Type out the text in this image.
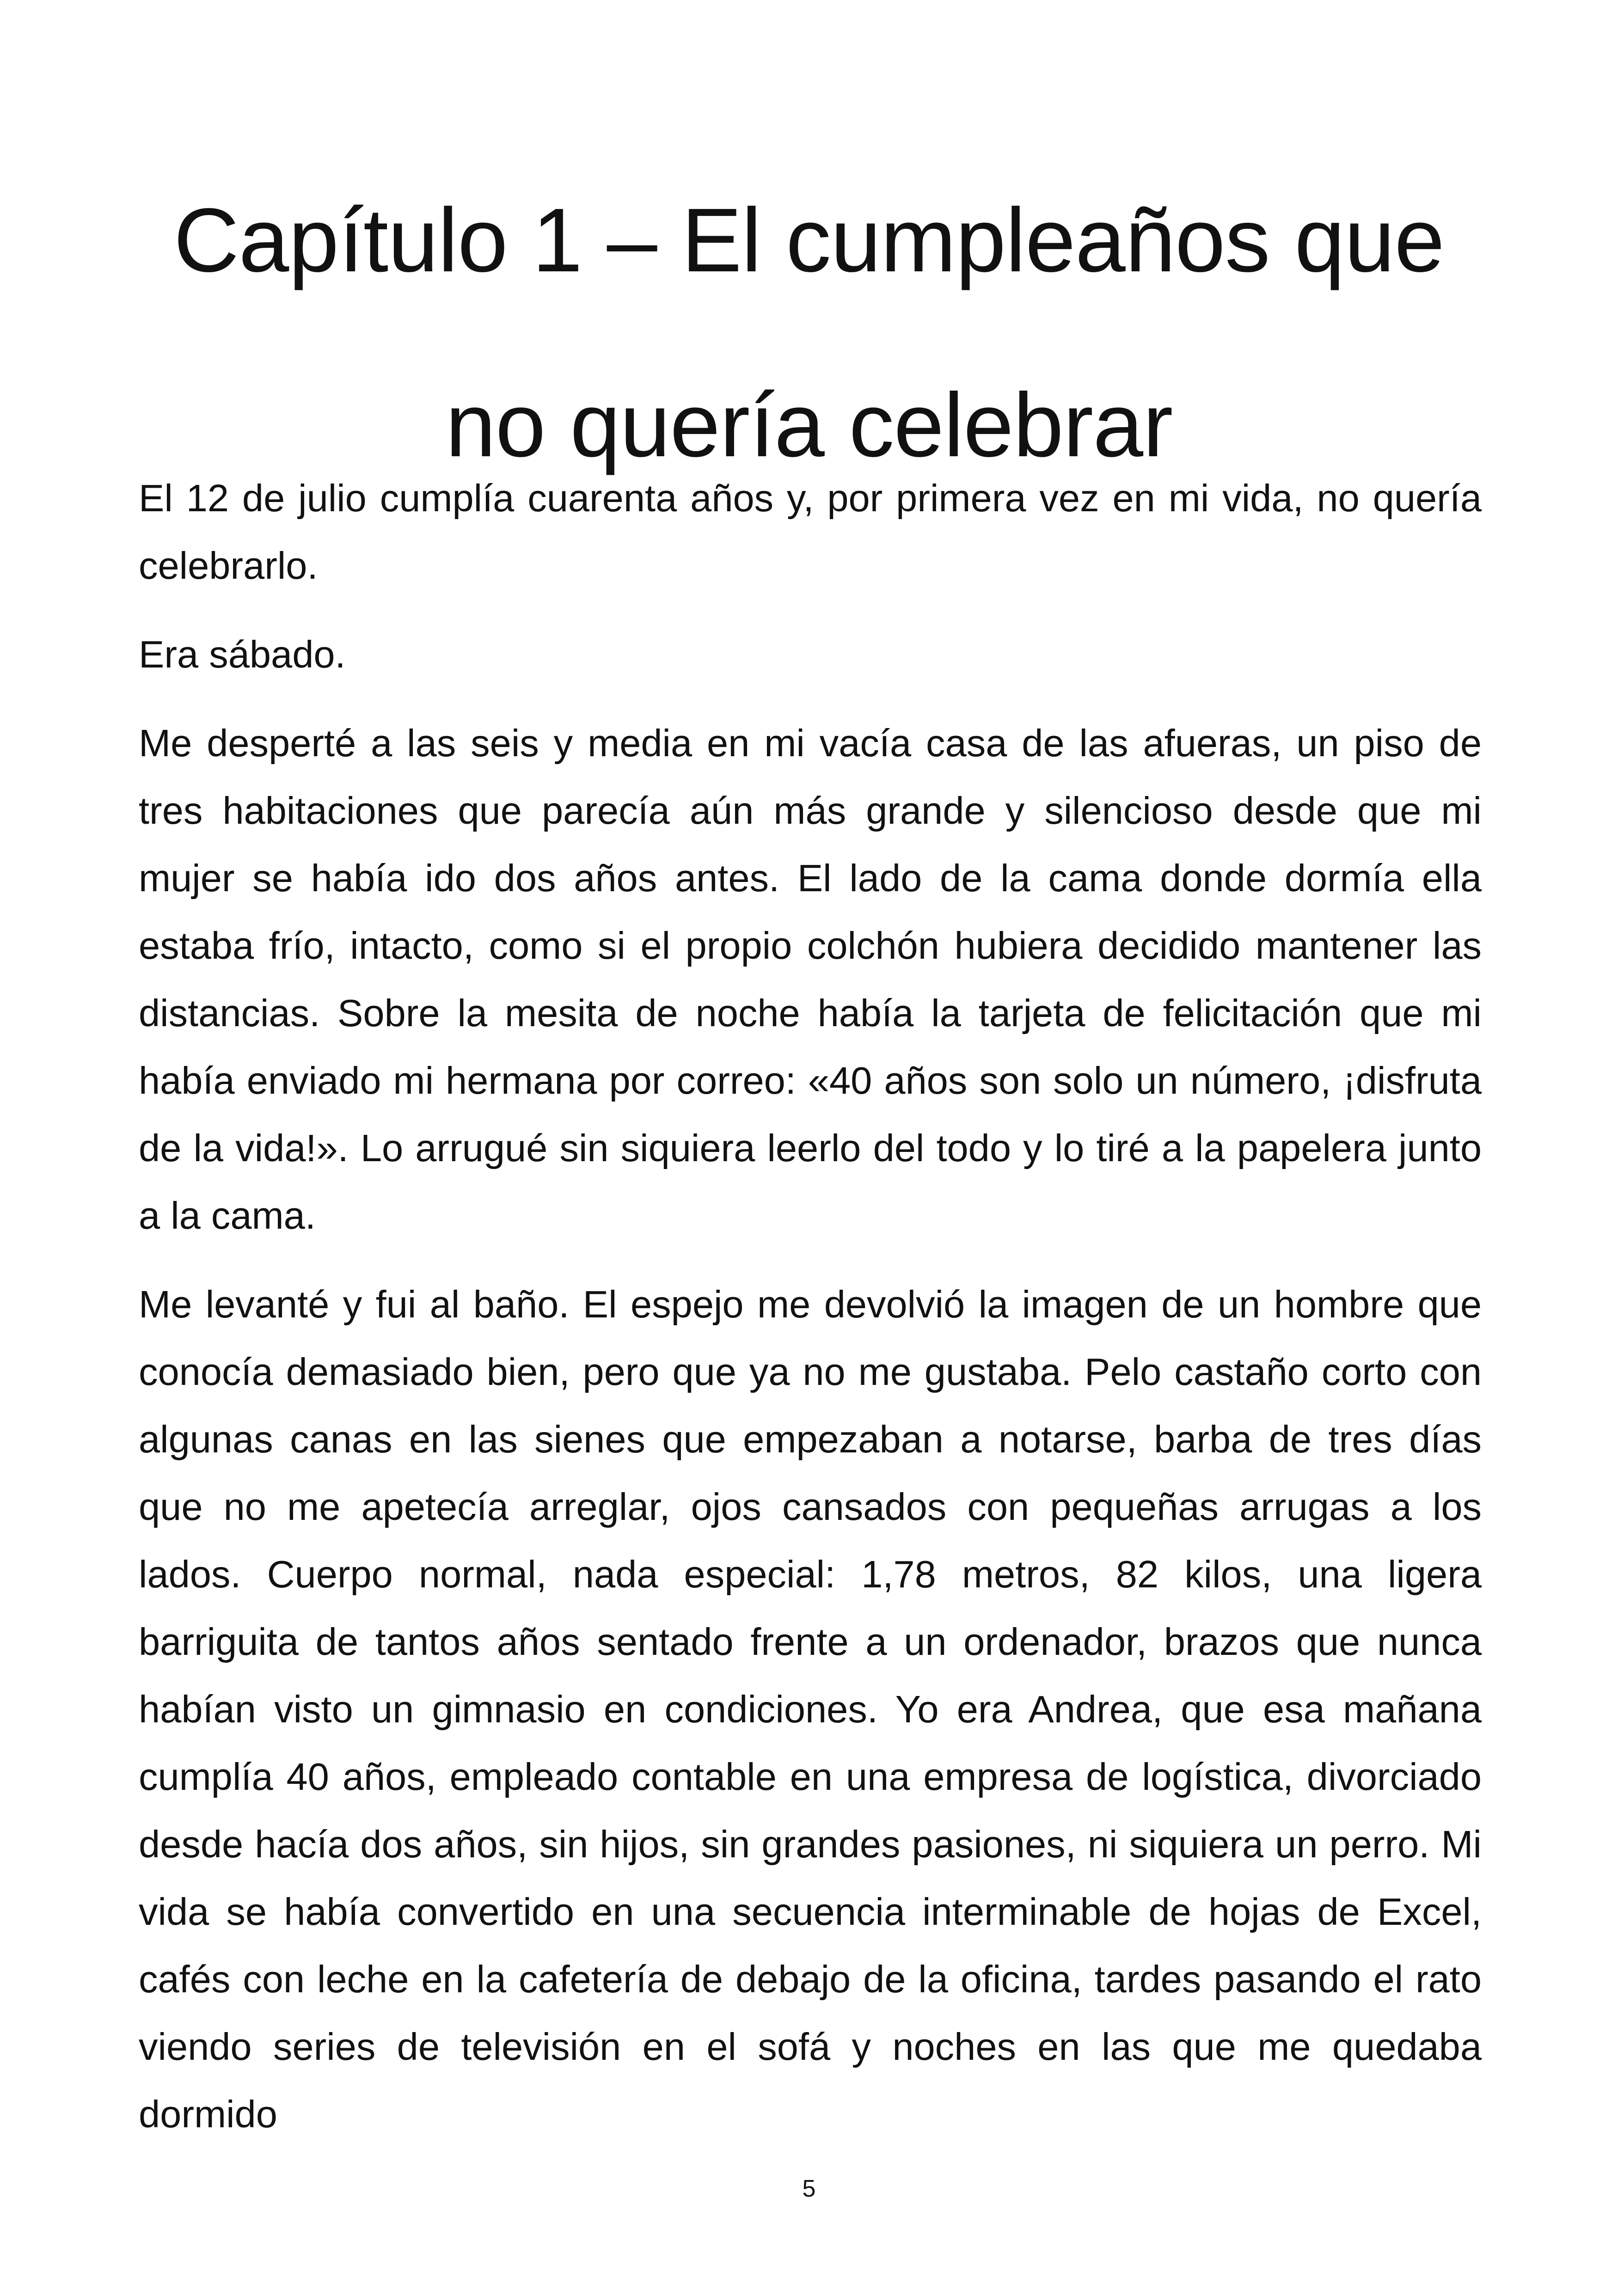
Capítulo 1 – El cumpleaños que
no quería celebrar

El 12 de julio cumplía cuarenta años y, por primera vez en mi vida, no quería celebrarlo.

Era sábado.

Me desperté a las seis y media en mi vacía casa de las afueras, un piso de tres habitaciones que parecía aún más grande y silencioso desde que mi mujer se había ido dos años antes. El lado de la cama donde dormía ella estaba frío, intacto, como si el propio colchón hubiera decidido mantener las distancias. Sobre la mesita de noche había la tarjeta de felicitación que mi había enviado mi hermana por correo: «40 años son solo un número, ¡disfruta de la vida!». Lo arrugué sin siquiera leerlo del todo y lo tiré a la papelera junto a la cama.

Me levanté y fui al baño. El espejo me devolvió la imagen de un hombre que conocía demasiado bien, pero que ya no me gustaba. Pelo castaño corto con algunas canas en las sienes que empezaban a notarse, barba de tres días que no me apetecía arreglar, ojos cansados con pequeñas arrugas a los lados. Cuerpo normal, nada especial: 1,78 metros, 82 kilos, una ligera barriguita de tantos años sentado frente a un ordenador, brazos que nunca habían visto un gimnasio en condiciones. Yo era Andrea, que esa mañana cumplía 40 años, empleado contable en una empresa de logística, divorciado desde hacía dos años, sin hijos, sin grandes pasiones, ni siquiera un perro. Mi vida se había convertido en una secuencia interminable de hojas de Excel, cafés con leche en la cafetería de debajo de la oficina, tardes pasando el rato viendo series de televisión en el sofá y noches en las que me quedaba dormido

5
